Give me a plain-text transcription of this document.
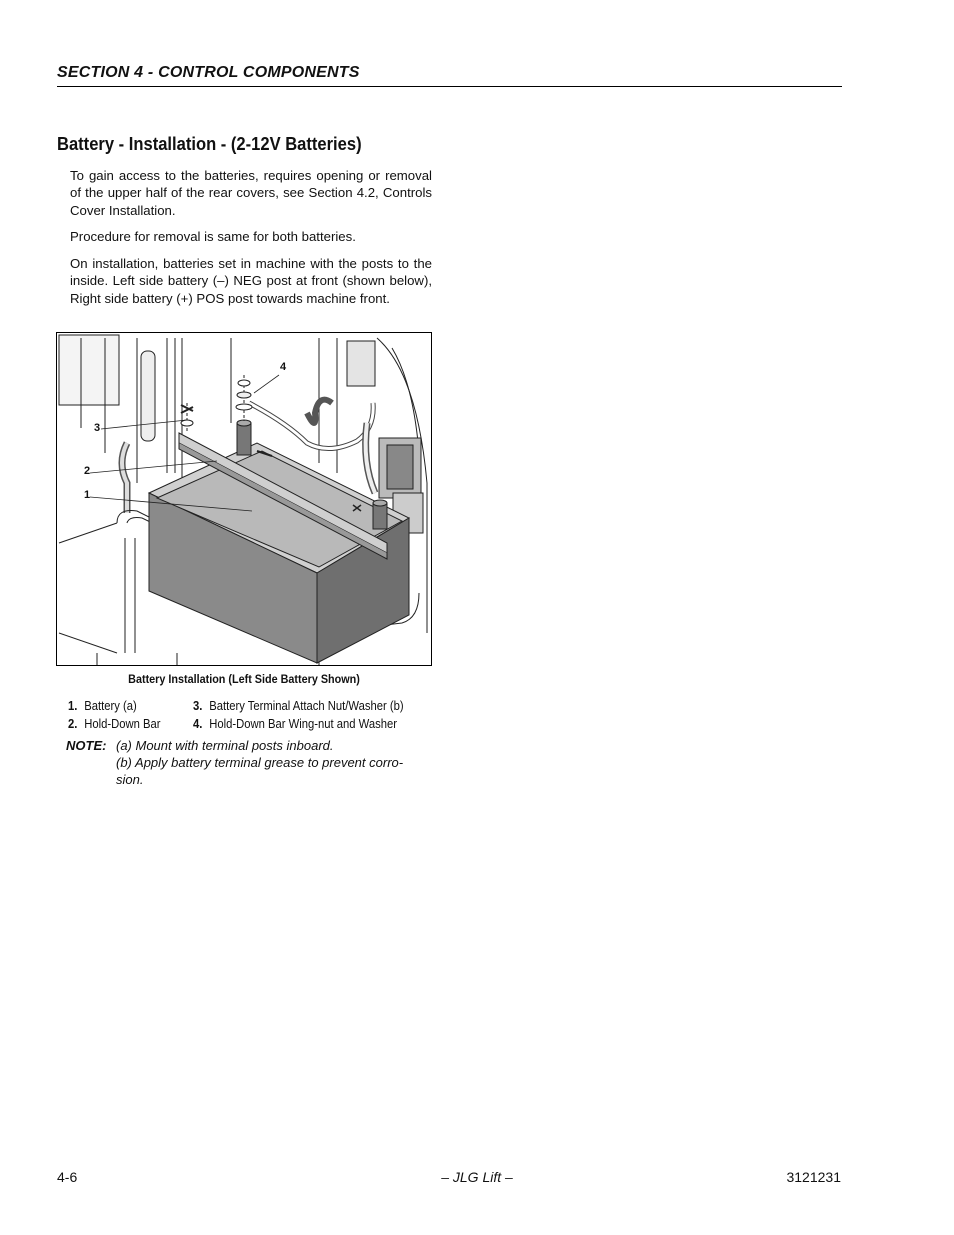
SECTION 4 - CONTROL COMPONENTS
Battery - Installation - (2-12V Batteries)

To gain access to the batteries, requires opening or removal of the upper half of the rear covers, see Section 4.2, Controls Cover Installation.

Procedure for removal is same for both batteries.

On installation, batteries set in machine with the posts to the inside. Left side battery (–) NEG post at front (shown below), Right side battery (+) POS post towards machine front.

4
3
2
1
Battery Installation (Left Side Battery Shown)
1. Battery (a)
2. Hold-Down Bar
3. Battery Terminal Attach Nut/Washer (b)
4. Hold-Down Bar Wing-nut and Washer
NOTE: (a) Mount with terminal posts inboard.
(b) Apply battery terminal grease to prevent corro-
sion.
4-6	– JLG Lift –	3121231
